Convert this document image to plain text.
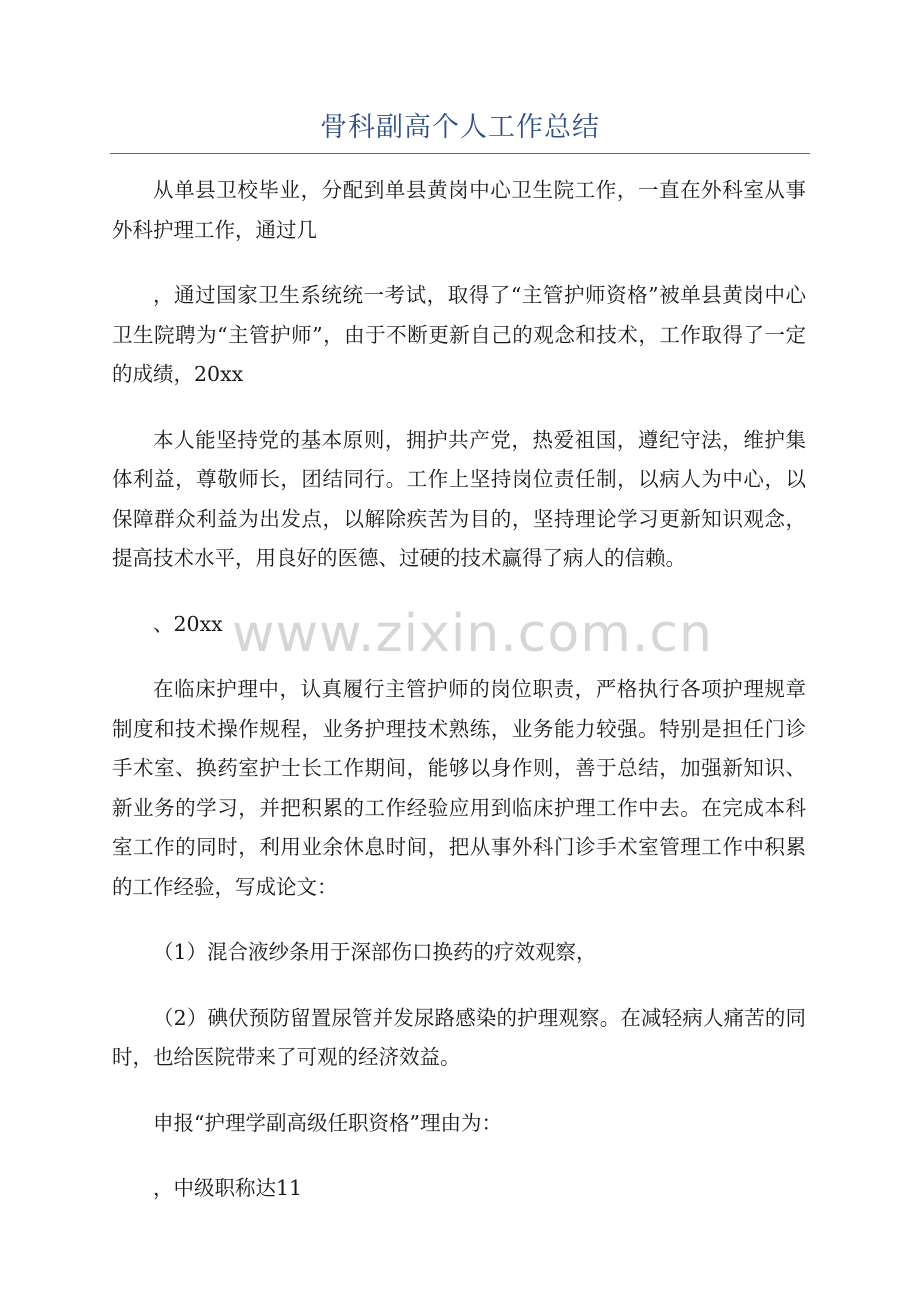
骨科副高个人工作总结

从单县卫校毕业，分配到单县黄岗中心卫生院工作，一直在外科室从事外科护理工作，通过几

，通过国家卫生系统统一考试，取得了“主管护师资格”被单县黄岗中心卫生院聘为“主管护师”，由于不断更新自己的观念和技术，工作取得了一定的成绩，20xx

本人能坚持党的基本原则，拥护共产党，热爱祖国，遵纪守法，维护集体利益，尊敬师长，团结同行。工作上坚持岗位责任制，以病人为中心，以保障群众利益为出发点，以解除疾苦为目的，坚持理论学习更新知识观念，提高技术水平，用良好的医德、过硬的技术赢得了病人的信赖。

、20xx

在临床护理中，认真履行主管护师的岗位职责，严格执行各项护理规章制度和技术操作规程，业务护理技术熟练，业务能力较强。特别是担任门诊手术室、换药室护士长工作期间，能够以身作则，善于总结，加强新知识、新业务的学习，并把积累的工作经验应用到临床护理工作中去。在完成本科室工作的同时，利用业余休息时间，把从事外科门诊手术室管理工作中积累的工作经验，写成论文：

（1）混合液纱条用于深部伤口换药的疗效观察，

（2）碘伏预防留置尿管并发尿路感染的护理观察。在减轻病人痛苦的同时，也给医院带来了可观的经济效益。

申报“护理学副高级任职资格”理由为：

，中级职称达11

www.zixin.com.cn
